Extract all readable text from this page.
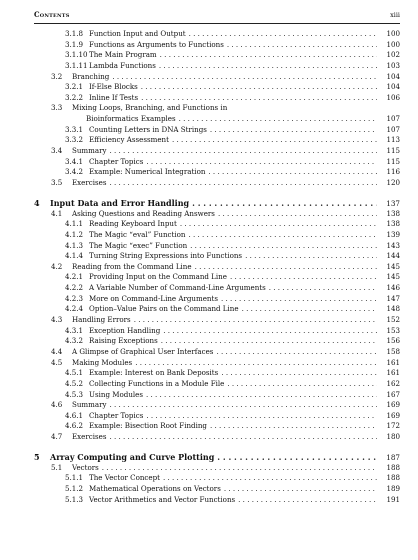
Contents	xiii
3.1.8 Function Input and Output . . .	100
3.1.9 Functions as Arguments to Functions . . .	100
3.1.10 The Main Program . . .	102
3.1.11 Lambda Functions . . .	103
3.2	Branching . . .	104
3.2.1 If-Else Blocks . . .	104
3.2.2 Inline If Tests . . .	106
3.3	Mixing Loops, Branching, and Functions in
Bioinformatics Examples . . .	107
3.3.1 Counting Letters in DNA Strings . . .	107
3.3.2 Efficiency Assessment . . .	113
3.4	Summary . . .	115
3.4.1 Chapter Topics . . .	115
3.4.2 Example: Numerical Integration . . .	116
3.5	Exercises . . .	120
4	Input Data and Error Handling . . .	137
4.1	Asking Questions and Reading Answers . . .	138
4.1.1 Reading Keyboard Input . . .	138
4.1.2 The Magic “eval” Function . . .	139
4.1.3 The Magic “exec” Function . . .	143
4.1.4 Turning String Expressions into Functions . . .	144
4.2	Reading from the Command Line . . .	145
4.2.1 Providing Input on the Command Line . . .	145
4.2.2 A Variable Number of Command-Line Arguments . . .	146
4.2.3 More on Command-Line Arguments . . .	147
4.2.4 Option–Value Pairs on the Command Line . . .	148
4.3	Handling Errors . . .	152
4.3.1 Exception Handling . . .	153
4.3.2 Raising Exceptions . . .	156
4.4	A Glimpse of Graphical User Interfaces . . .	158
4.5	Making Modules . . .	161
4.5.1 Example: Interest on Bank Deposits . . .	161
4.5.2 Collecting Functions in a Module File . . .	162
4.5.3 Using Modules . . .	167
4.6	Summary . . .	169
4.6.1 Chapter Topics . . .	169
4.6.2 Example: Bisection Root Finding . . .	172
4.7	Exercises . . .	180
5	Array Computing and Curve Plotting . . .	187
5.1	Vectors . . .	188
5.1.1 The Vector Concept . . .	188
5.1.2 Mathematical Operations on Vectors . . .	189
5.1.3 Vector Arithmetics and Vector Functions . . .	191
